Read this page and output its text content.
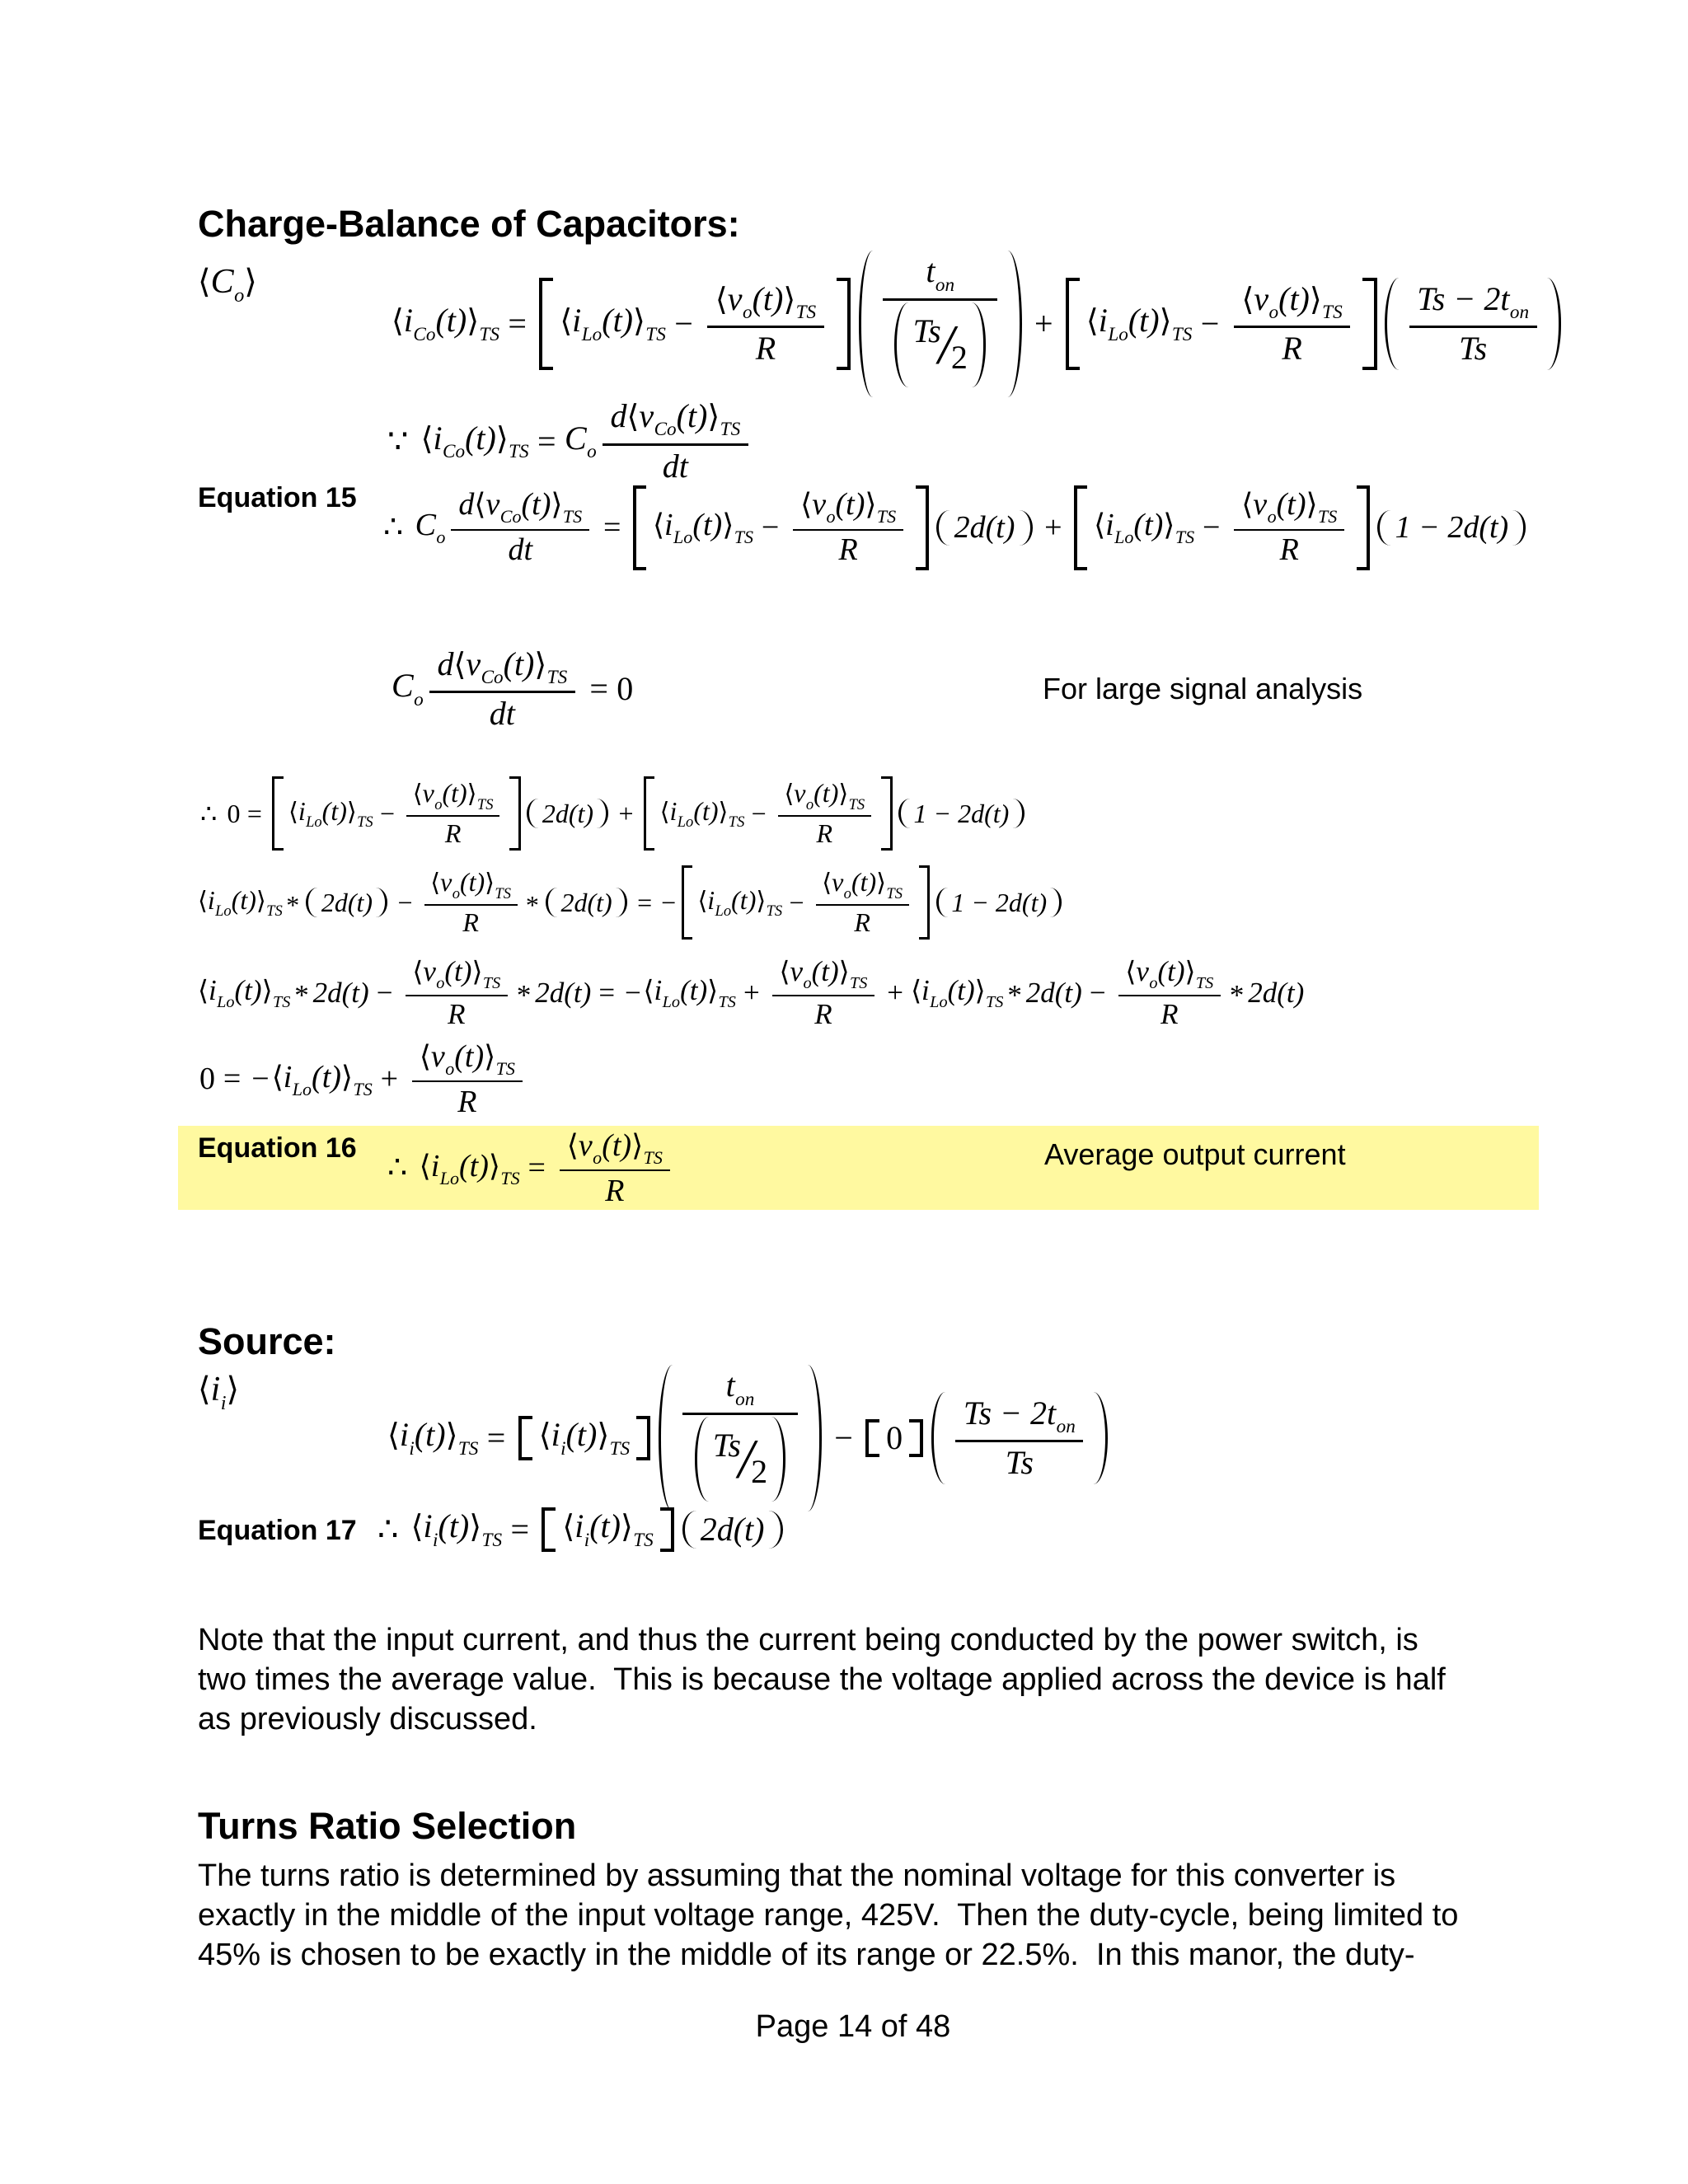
Charge-Balance of Capacitors:
$⟨C_o⟩$
$⟨i_{Co}(t)⟩_{TS}$ = $⟨i_{Lo}(t)⟩_{TS} - \frac{⟨v_o(t)⟩_{TS}}{R} t_{on}$
Ts
/
$2 + ⟨i_{Lo}(t)⟩_{TS} - \frac{⟨v_o(t)⟩_{TS}}{R} \frac{Ts - 2t_{on}}{Ts}$
∵ $⟨i_{Co}(t)⟩_{TS} = C_o \frac{d⟨v_{Co}(t)⟩_{TS}}{dt}$
Equation 15
∴ $C_o \frac{d⟨v_{Co}(t)⟩_{TS}}{dt}$ = $⟨i_{Lo}(t)⟩_{TS} - \frac{⟨v_o(t)⟩_{TS}}{R} 2d(t)$ + $⟨i_{Lo}(t)⟩_{TS} - \frac{⟨v_o(t)⟩_{TS}}{R} 1 - 2d(t)$
$C_o \frac{d⟨v_{Co}(t)⟩_{TS}}{dt} = 0$	For large signal analysis
∴ $0 = ⟨i_{Lo}(t)⟩_{TS} - \frac{⟨v_o(t)⟩_{TS}}{R} 2d(t)$ + $⟨i_{Lo}(t)⟩_{TS} - \frac{⟨v_o(t)⟩_{TS}}{R} 1 - 2d(t)$
$⟨i_{Lo}(t)⟩_{TS} * 2d(t) - \frac{⟨v_o(t)⟩_{TS}}{R} * 2d(t)$ = − $⟨i_{Lo}(t)⟩_{TS} - \frac{⟨v_o(t)⟩_{TS}}{R} 1 - 2d(t)$
$⟨i_{Lo}(t)⟩_{TS} * 2d(t) - \frac{⟨v_o(t)⟩_{TS}}{R} * 2d(t)$ = − $⟨i_{Lo}(t)⟩_{TS} + \frac{⟨v_o(t)⟩_{TS}}{R}$ + $⟨i_{Lo}(t)⟩_{TS} * 2d(t) - \frac{⟨v_o(t)⟩_{TS}}{R} * 2d(t)$
0 = − $⟨i_{Lo}(t)⟩_{TS} + \frac{⟨v_o(t)⟩_{TS}}{R}$
Equation 16
∴ $⟨i_{Lo}(t)⟩_{TS} = \frac{⟨v_o(t)⟩_{TS}}{R}$	Average output current
Source:
$⟨i_i⟩$
$⟨i_i(t)⟩_{TS}$ = $⟨i_i(t)⟩_{TS}$ $t_{on}$
Ts
/
$2 - 0 \frac{Ts - 2t_{on}}{Ts}$
Equation 17 ∴ $⟨i_i(t)⟩_{TS}$ = $⟨i_i(t)⟩_{TS}$ 2d(t)
Note that the input current, and thus the current being conducted by the power switch, is
two times the average value.  This is because the voltage applied across the device is half
as previously discussed.
Turns Ratio Selection
The turns ratio is determined by assuming that the nominal voltage for this converter is
exactly in the middle of the input voltage range, 425V.  Then the duty-cycle, being limited to
45% is chosen to be exactly in the middle of its range or 22.5%.  In this manor, the duty-
Page 14 of 48
